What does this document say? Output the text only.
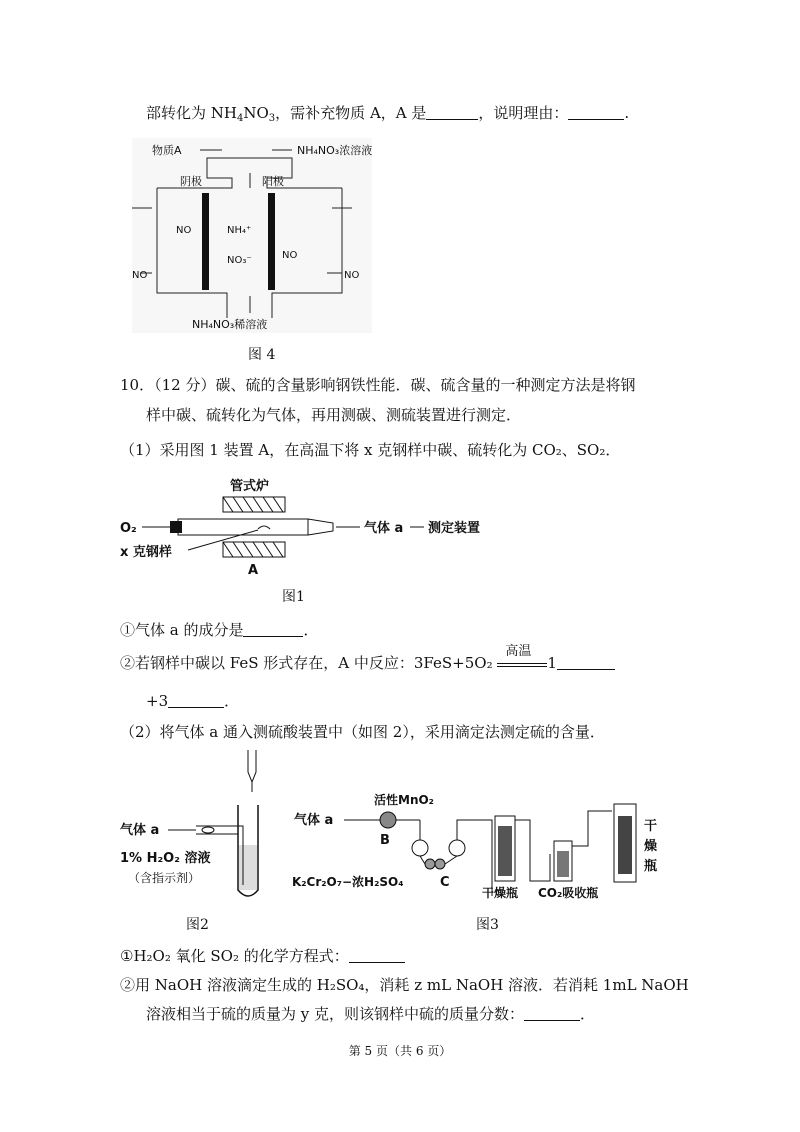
部转化为 $NH_4NO_3$，需补充物质 A，A 是	，说明理由：	.
物质A	NH₄NO₃浓溶液
阴极	阳极
NO	NH₄⁺
NO₃⁻	NO
NO	NO
NH₄NO₃稀溶液
图 4
10．（12 分）碳、硫的含量影响钢铁性能．碳、硫含量的一种测定方法是将钢
样中碳、硫转化为气体，再用测碳、测硫装置进行测定．
（1）采用图 1 装置 A，在高温下将 x 克钢样中碳、硫转化为 CO₂、SO₂．
管式炉
O₂	气体 a 测定装置
x 克钢样
A
图1
①气体 a 的成分是	．
②若钢样中碳以 FeS 形式存在，A 中反应：3FeS+5O₂
高温
1
+3	．
（2）将气体 a 通入测硫酸装置中（如图 2），采用滴定法测定硫的含量．
气体 a
1% H₂O₂ 溶液
（含指示剂）
图2
气体 a
活性MnO₂
B
C
K₂Cr₂O₇−浓H₂SO₄
干燥瓶 CO₂吸收瓶
干
燥
瓶
图3
①H₂O₂ 氧化 SO₂ 的化学方程式：
②用 NaOH 溶液滴定生成的 H₂SO₄，消耗 z mL NaOH 溶液．若消耗 1mL NaOH
溶液相当于硫的质量为 y 克，则该钢样中硫的质量分数：	．
第 5 页（共 6 页）
